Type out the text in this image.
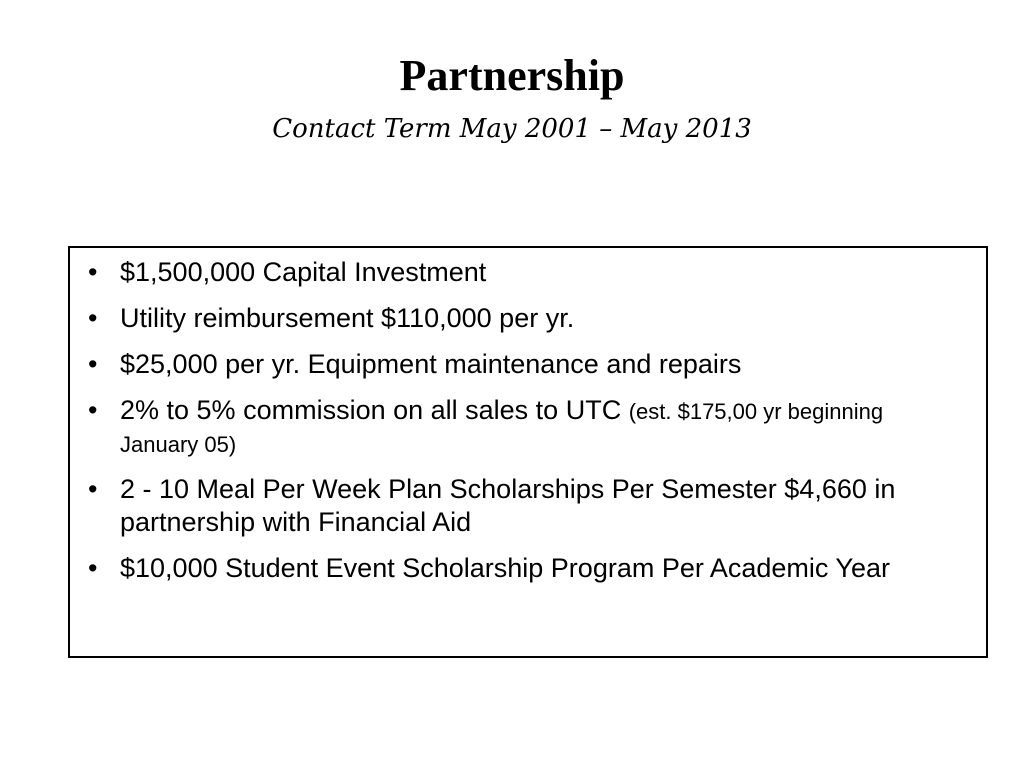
Partnership

Contact Term May 2001 – May 2013

• $1,500,000 Capital Investment
• Utility reimbursement $110,000 per yr.
• $25,000 per yr. Equipment maintenance and repairs
• 2% to 5% commission on all sales to UTC (est. $175,00 yr beginning January 05)
• 2 - 10 Meal Per Week Plan Scholarships Per Semester $4,660 in partnership with Financial Aid
• $10,000 Student Event Scholarship Program Per Academic Year
